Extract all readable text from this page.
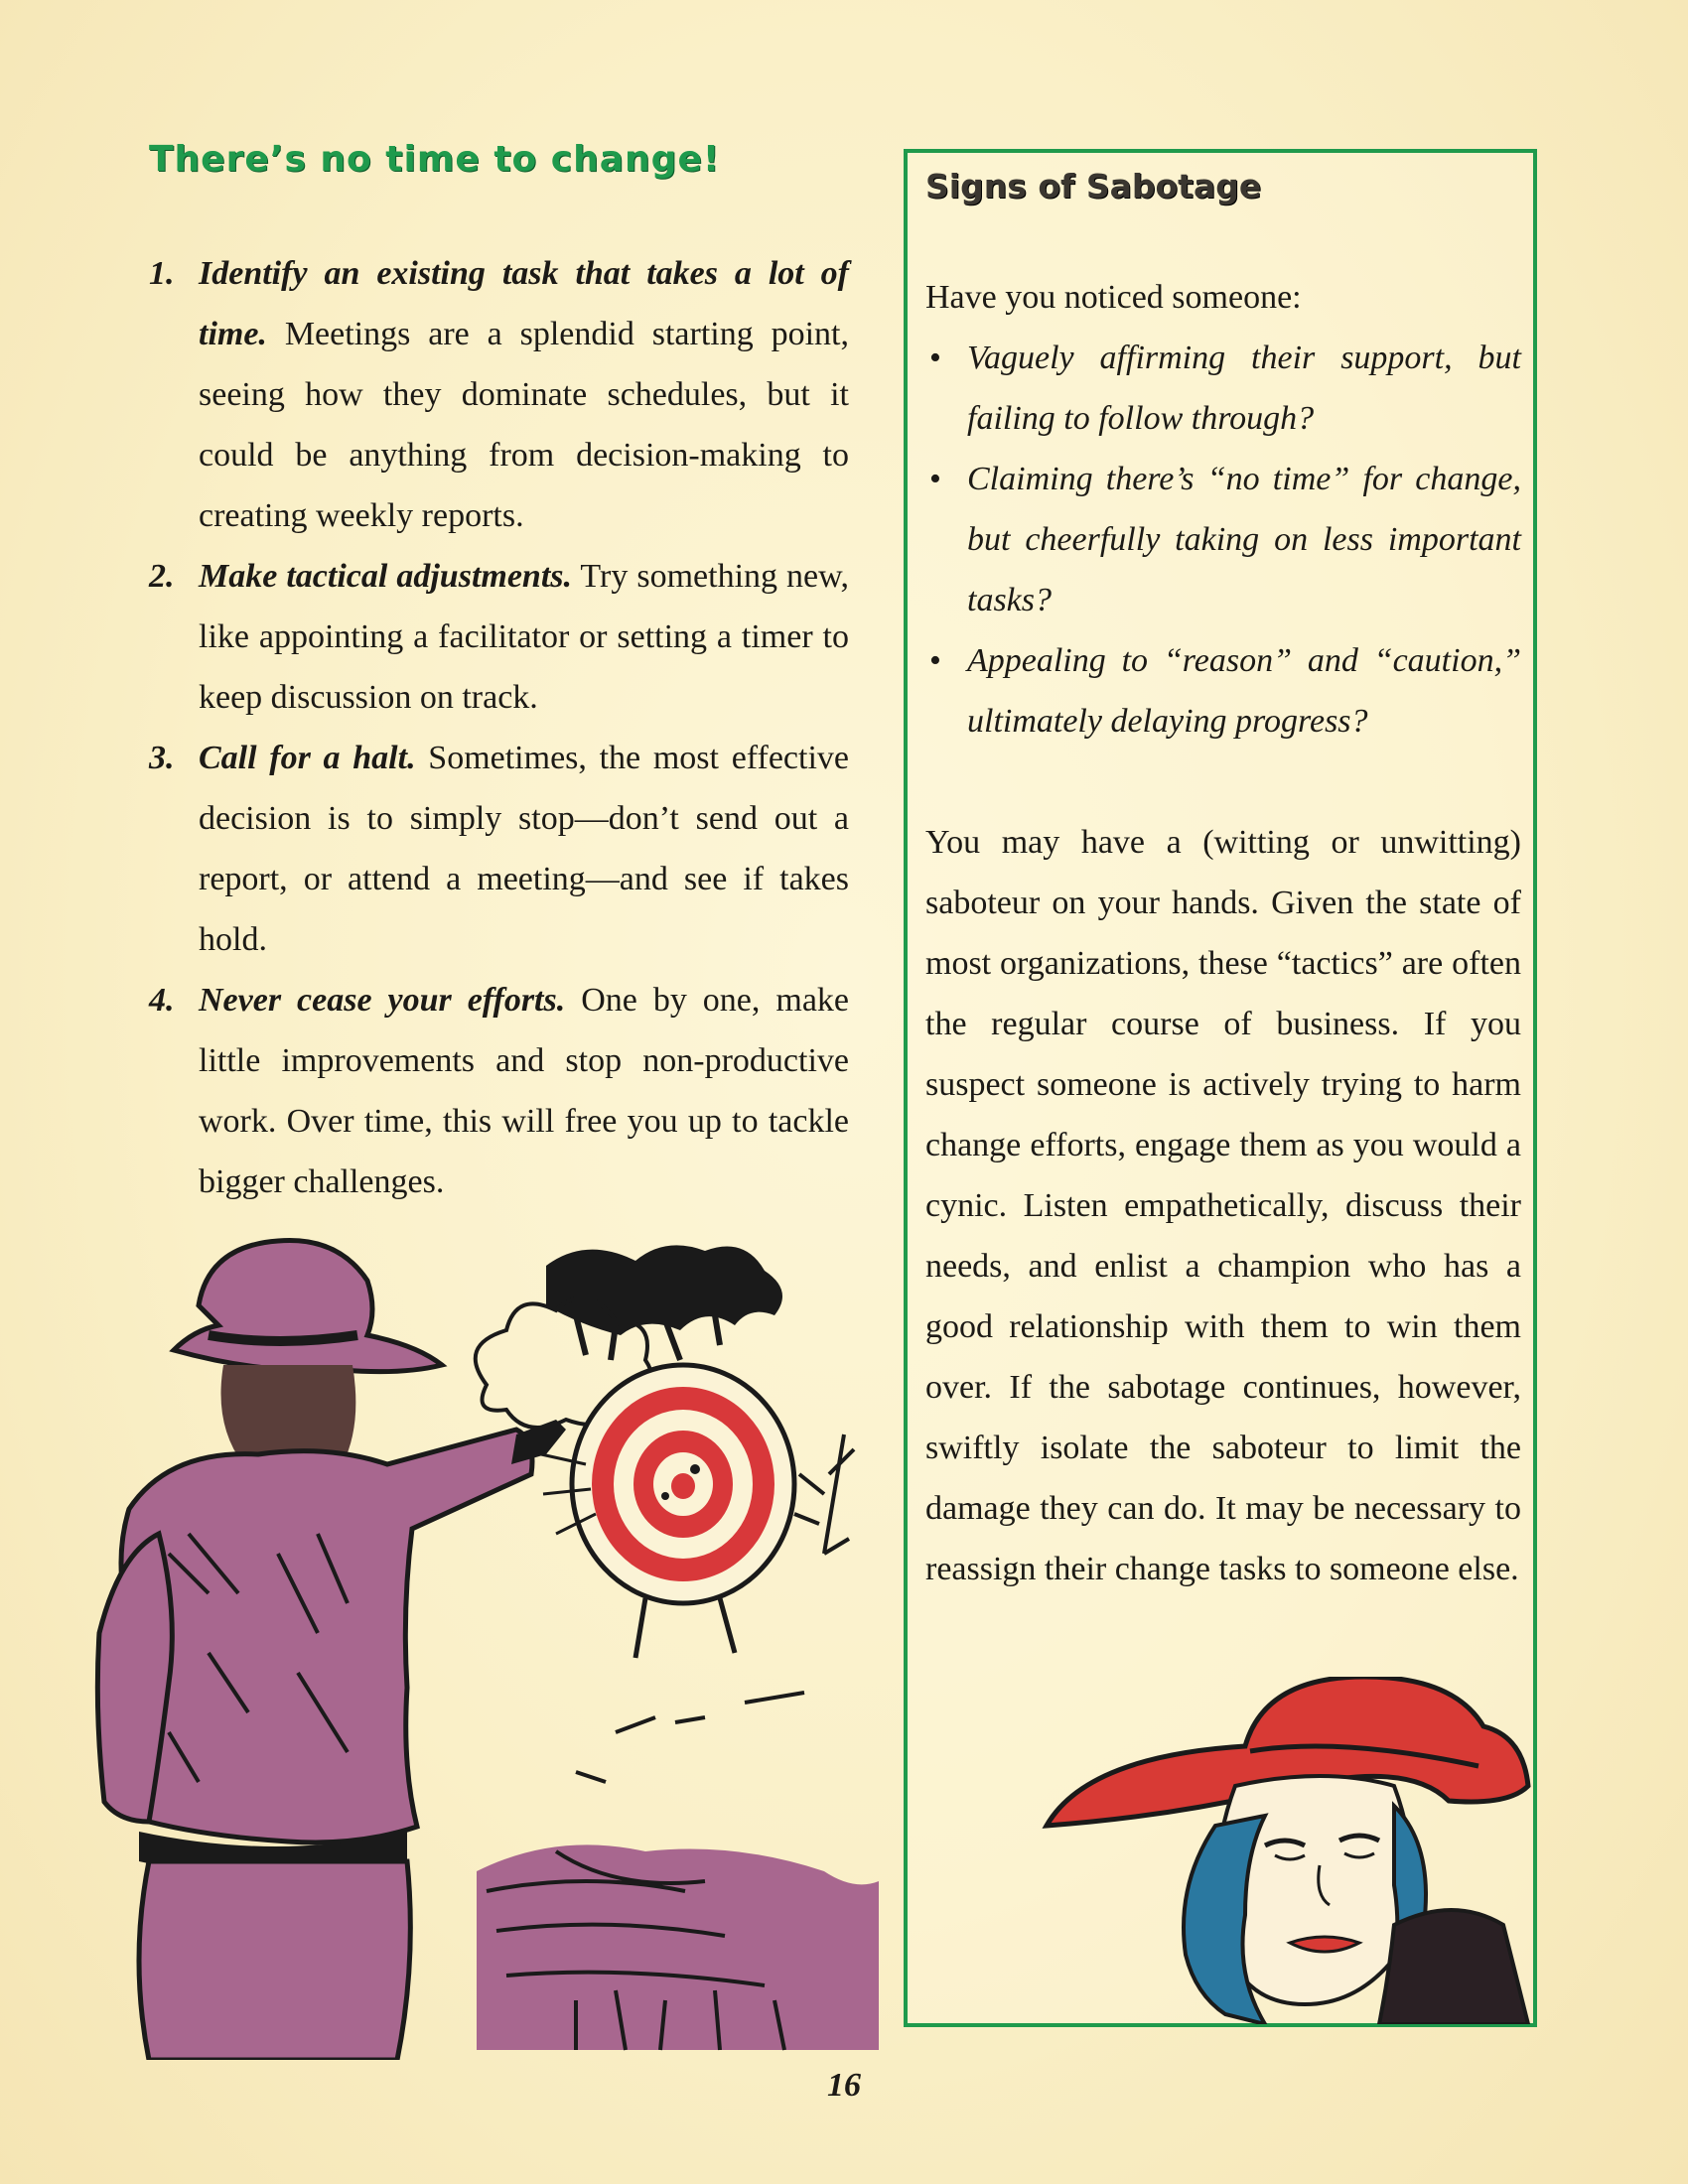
There’s no time to change!
1. Identify an existing task that takes a lot of time. Meetings are a splendid starting point, seeing how they dominate schedules, but it could be anything from decision-making to creating weekly reports.
2. Make tactical adjustments. Try something new, like appointing a facilitator or setting a timer to keep discussion on track.
3. Call for a halt. Sometimes, the most effective decision is to simply stop—don’t send out a report, or attend a meeting—and see if takes hold.
4. Never cease your efforts. One by one, make little improvements and stop non-productive work. Over time, this will free you up to tackle bigger challenges.
Signs of Sabotage

Have you noticed someone:

• Vaguely affirming their support, but failing to follow through?
• Claiming there’s “no time” for change, but cheerfully taking on less important tasks?
• Appealing to “reason” and “caution,” ultimately delaying progress?

You may have a (witting or unwitting) saboteur on your hands. Given the state of most organizations, these “tactics” are often the regular course of business. If you suspect someone is actively trying to harm change efforts, engage them as you would a cynic. Listen empathetically, discuss their needs, and enlist a champion who has a good relationship with them to win them over. If the sabotage continues, however, swiftly isolate the saboteur to limit the damage they can do. It may be necessary to reassign their change tasks to someone else.

16
